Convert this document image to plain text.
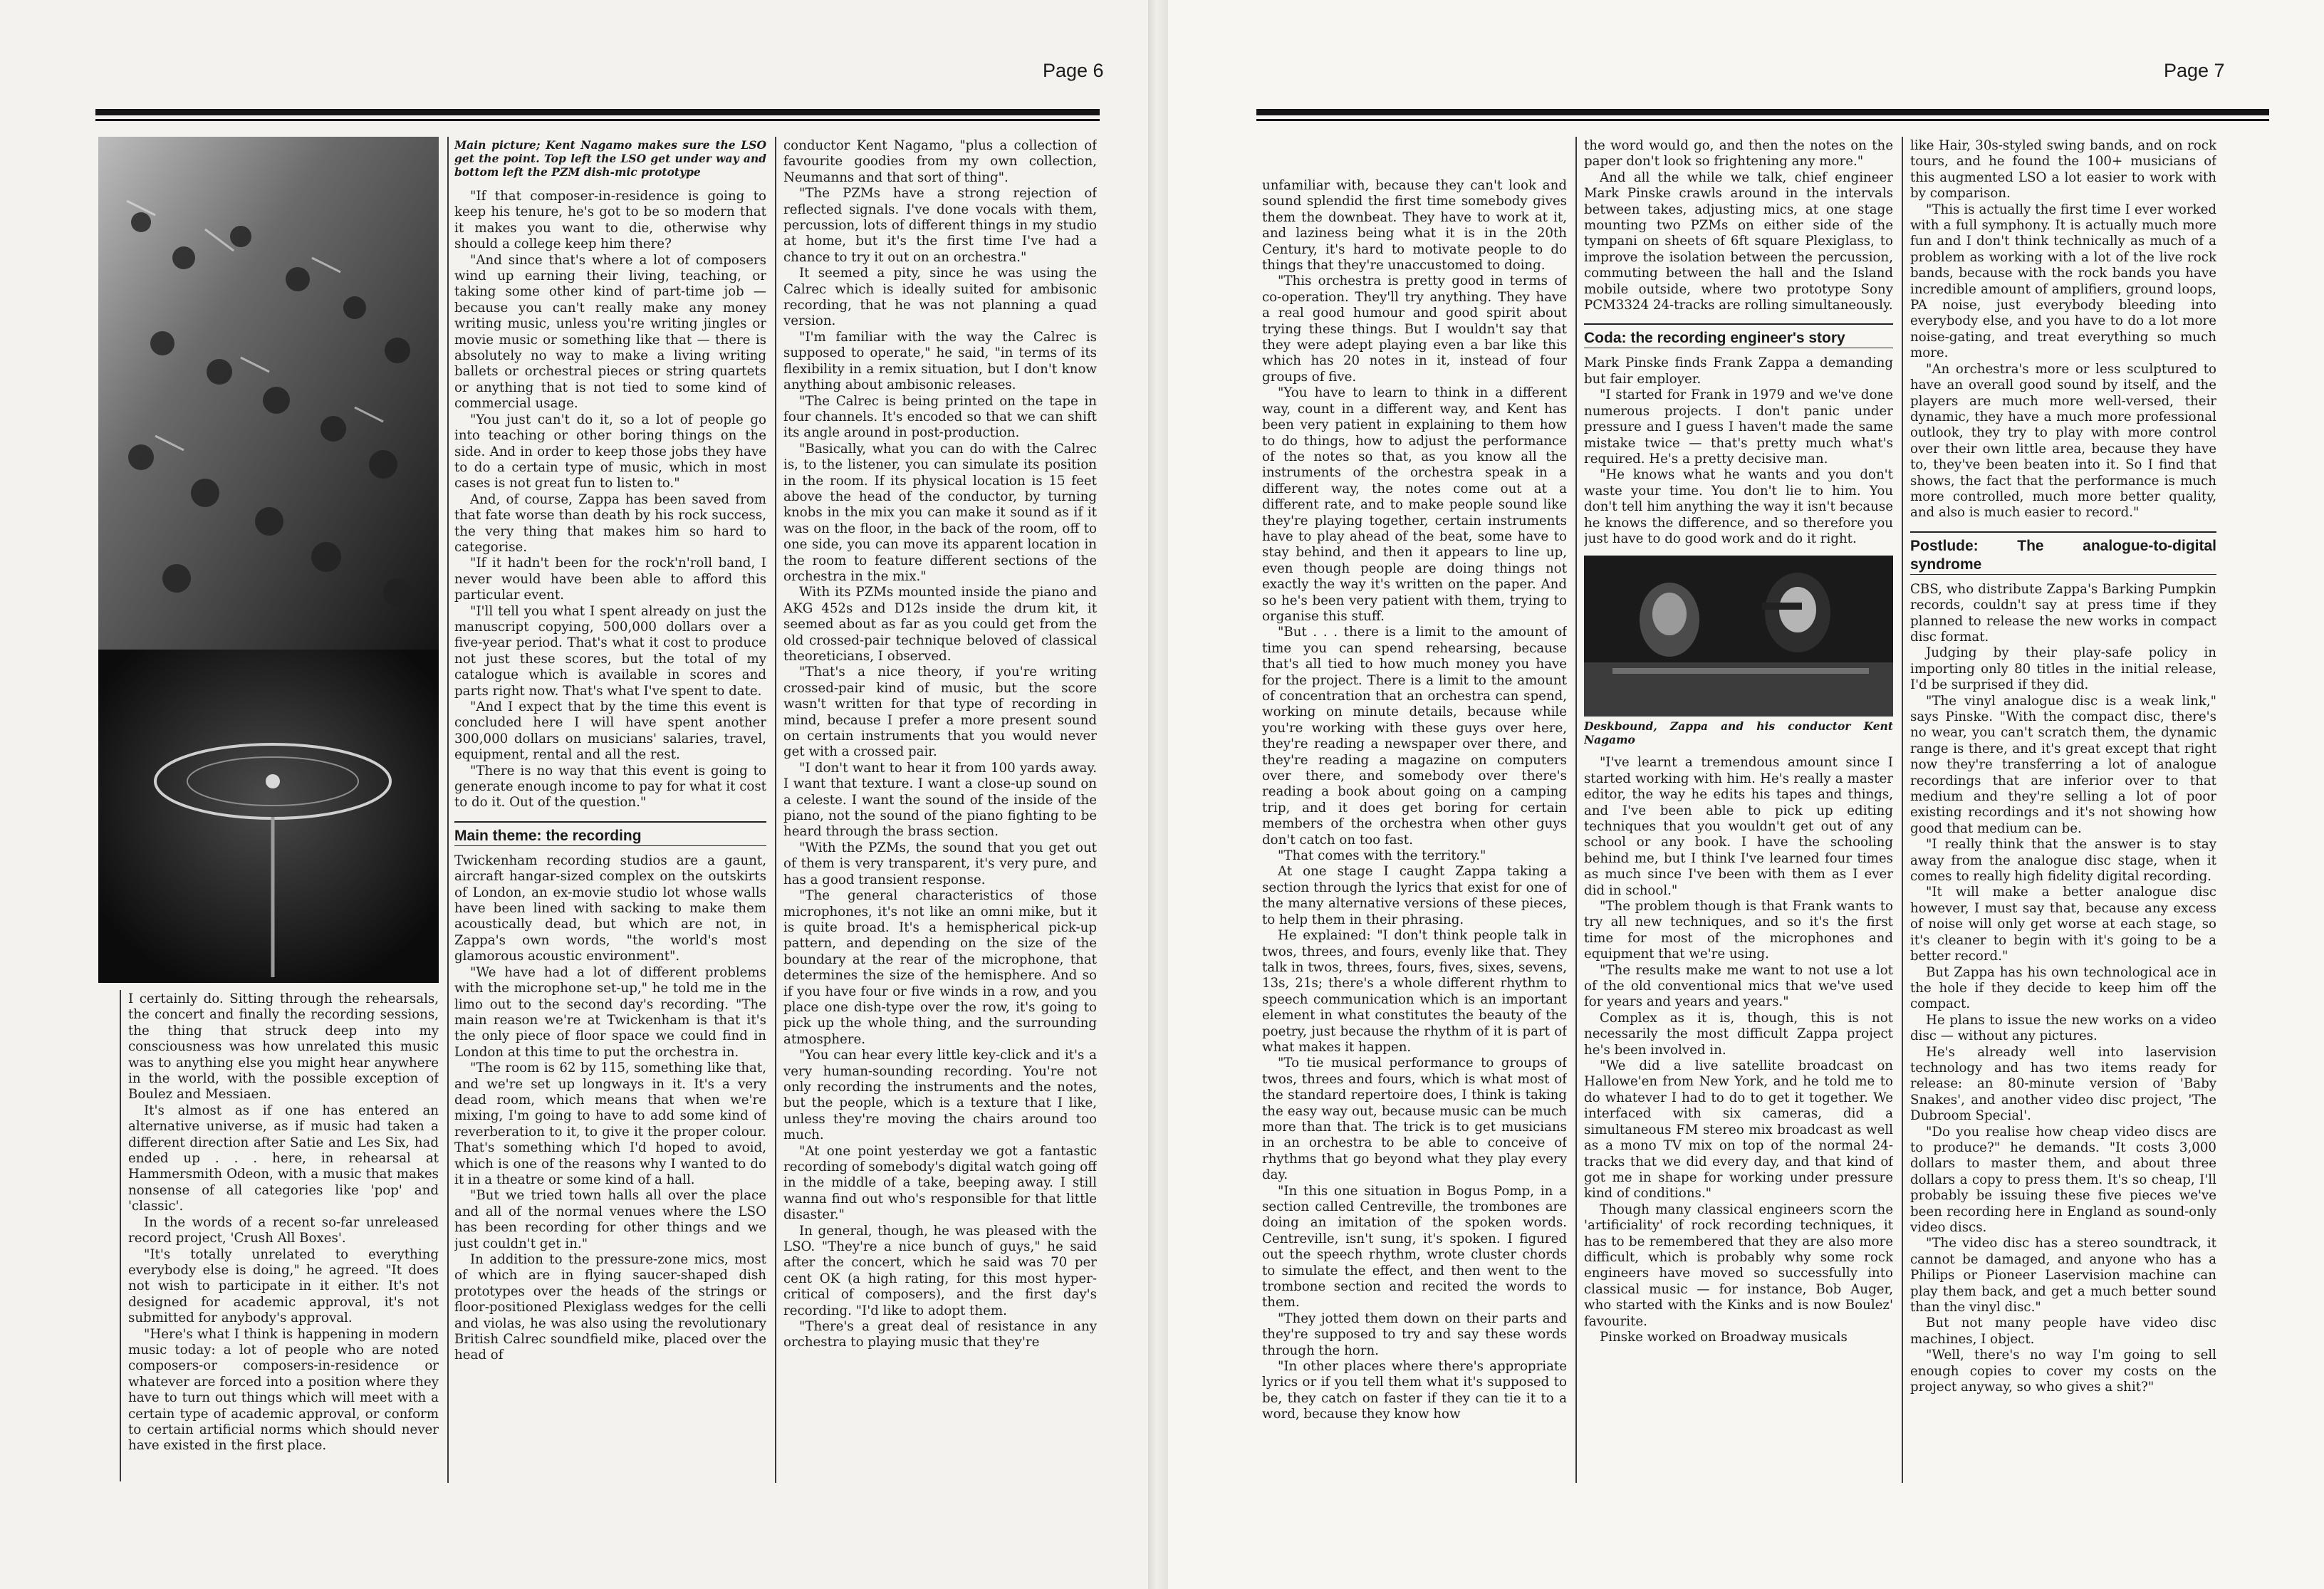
Page 6

I certainly do. Sitting through the rehearsals, the concert and finally the recording sessions, the thing that struck deep into my consciousness was how unrelated this music was to anything else you might hear anywhere in the world, with the possible exception of Boulez and Messiaen.

It's almost as if one has entered an alternative universe, as if music had taken a different direction after Satie and Les Six, had ended up . . . here, in rehearsal at Hammersmith Odeon, with a music that makes nonsense of all categories like 'pop' and 'classic'.

In the words of a recent so-far unreleased record project, 'Crush All Boxes'.

"It's totally unrelated to everything everybody else is doing," he agreed. "It does not wish to participate in it either. It's not designed for academic approval, it's not submitted for anybody's approval.

"Here's what I think is happening in modern music today: a lot of people who are noted composers-or composers-in-residence or whatever are forced into a position where they have to turn out things which will meet with a certain type of academic approval, or conform to certain artificial norms which should never have existed in the first place.

Main picture; Kent Nagamo makes sure the LSO get the point. Top left the LSO get under way and bottom left the PZM dish-mic prototype

"If that composer-in-residence is going to keep his tenure, he's got to be so modern that it makes you want to die, otherwise why should a college keep him there?

"And since that's where a lot of composers wind up earning their living, teaching, or taking some other kind of part-time job — because you can't really make any money writing music, unless you're writing jingles or movie music or something like that — there is absolutely no way to make a living writing ballets or orchestral pieces or string quartets or anything that is not tied to some kind of commercial usage.

"You just can't do it, so a lot of people go into teaching or other boring things on the side. And in order to keep those jobs they have to do a certain type of music, which in most cases is not great fun to listen to."

And, of course, Zappa has been saved from that fate worse than death by his rock success, the very thing that makes him so hard to categorise.

"If it hadn't been for the rock'n'roll band, I never would have been able to afford this particular event.

"I'll tell you what I spent already on just the manuscript copying, 500,000 dollars over a five-year period. That's what it cost to produce not just these scores, but the total of my catalogue which is available in scores and parts right now. That's what I've spent to date.

"And I expect that by the time this event is concluded here I will have spent another 300,000 dollars on musicians' salaries, travel, equipment, rental and all the rest.

"There is no way that this event is going to generate enough income to pay for what it cost to do it. Out of the question."

Main theme: the recording

Twickenham recording studios are a gaunt, aircraft hangar-sized complex on the outskirts of London, an ex-movie studio lot whose walls have been lined with sacking to make them acoustically dead, but which are not, in Zappa's own words, "the world's most glamorous acoustic environment".

"We have had a lot of different problems with the microphone set-up," he told me in the limo out to the second day's recording. "The main reason we're at Twickenham is that it's the only piece of floor space we could find in London at this time to put the orchestra in.

"The room is 62 by 115, something like that, and we're set up longways in it. It's a very dead room, which means that when we're mixing, I'm going to have to add some kind of reverberation to it, to give it the proper colour. That's something which I'd hoped to avoid, which is one of the reasons why I wanted to do it in a theatre or some kind of a hall.

"But we tried town halls all over the place and all of the normal venues where the LSO has been recording for other things and we just couldn't get in."

In addition to the pressure-zone mics, most of which are in flying saucer-shaped dish prototypes over the heads of the strings or floor-positioned Plexiglass wedges for the celli and violas, he was also using the revolutionary British Calrec soundfield mike, placed over the head of

conductor Kent Nagamo, "plus a collection of favourite goodies from my own collection, Neumanns and that sort of thing".

"The PZMs have a strong rejection of reflected signals. I've done vocals with them, percussion, lots of different things in my studio at home, but it's the first time I've had a chance to try it out on an orchestra."

It seemed a pity, since he was using the Calrec which is ideally suited for ambisonic recording, that he was not planning a quad version.

"I'm familiar with the way the Calrec is supposed to operate," he said, "in terms of its flexibility in a remix situation, but I don't know anything about ambisonic releases.

"The Calrec is being printed on the tape in four channels. It's encoded so that we can shift its angle around in post-production.

"Basically, what you can do with the Calrec is, to the listener, you can simulate its position in the room. If its physical location is 15 feet above the head of the conductor, by turning knobs in the mix you can make it sound as if it was on the floor, in the back of the room, off to one side, you can move its apparent location in the room to feature different sections of the orchestra in the mix."

With its PZMs mounted inside the piano and AKG 452s and D12s inside the drum kit, it seemed about as far as you could get from the old crossed-pair technique beloved of classical theoreticians, I observed.

"That's a nice theory, if you're writing crossed-pair kind of music, but the score wasn't written for that type of recording in mind, because I prefer a more present sound on certain instruments that you would never get with a crossed pair.

"I don't want to hear it from 100 yards away. I want that texture. I want a close-up sound on a celeste. I want the sound of the inside of the piano, not the sound of the piano fighting to be heard through the brass section.

"With the PZMs, the sound that you get out of them is very transparent, it's very pure, and has a good transient response.

"The general characteristics of those microphones, it's not like an omni mike, but it is quite broad. It's a hemispherical pick-up pattern, and depending on the size of the boundary at the rear of the microphone, that determines the size of the hemisphere. And so if you have four or five winds in a row, and you place one dish-type over the row, it's going to pick up the whole thing, and the surrounding atmosphere.

"You can hear every little key-click and it's a very human-sounding recording. You're not only recording the instruments and the notes, but the people, which is a texture that I like, unless they're moving the chairs around too much.

"At one point yesterday we got a fantastic recording of somebody's digital watch going off in the middle of a take, beeping away. I still wanna find out who's responsible for that little disaster."

In general, though, he was pleased with the LSO. "They're a nice bunch of guys," he said after the concert, which he said was 70 per cent OK (a high rating, for this most hyper-critical of composers), and the first day's recording. "I'd like to adopt them.

"There's a great deal of resistance in any orchestra to playing music that they're

Page 7

unfamiliar with, because they can't look and sound splendid the first time somebody gives them the downbeat. They have to work at it, and laziness being what it is in the 20th Century, it's hard to motivate people to do things that they're unaccustomed to doing.

"This orchestra is pretty good in terms of co-operation. They'll try anything. They have a real good humour and good spirit about trying these things. But I wouldn't say that they were adept playing even a bar like this which has 20 notes in it, instead of four groups of five.

"You have to learn to think in a different way, count in a different way, and Kent has been very patient in explaining to them how to do things, how to adjust the performance of the notes so that, as you know all the instruments of the orchestra speak in a different way, the notes come out at a different rate, and to make people sound like they're playing together, certain instruments have to play ahead of the beat, some have to stay behind, and then it appears to line up, even though people are doing things not exactly the way it's written on the paper. And so he's been very patient with them, trying to organise this stuff.

"But . . . there is a limit to the amount of time you can spend rehearsing, because that's all tied to how much money you have for the project. There is a limit to the amount of concentration that an orchestra can spend, working on minute details, because while you're working with these guys over here, they're reading a newspaper over there, and they're reading a magazine on computers over there, and somebody over there's reading a book about going on a camping trip, and it does get boring for certain members of the orchestra when other guys don't catch on too fast.

"That comes with the territory."

At one stage I caught Zappa taking a section through the lyrics that exist for one of the many alternative versions of these pieces, to help them in their phrasing.

He explained: "I don't think people talk in twos, threes, and fours, evenly like that. They talk in twos, threes, fours, fives, sixes, sevens, 13s, 21s; there's a whole different rhythm to speech communication which is an important element in what constitutes the beauty of the poetry, just because the rhythm of it is part of what makes it happen.

"To tie musical performance to groups of twos, threes and fours, which is what most of the standard repertoire does, I think is taking the easy way out, because music can be much more than that. The trick is to get musicians in an orchestra to be able to conceive of rhythms that go beyond what they play every day.

"In this one situation in Bogus Pomp, in a section called Centreville, the trombones are doing an imitation of the spoken words. Centreville, isn't sung, it's spoken. I figured out the speech rhythm, wrote cluster chords to simulate the effect, and then went to the trombone section and recited the words to them.

"They jotted them down on their parts and they're supposed to try and say these words through the horn.

"In other places where there's appropriate lyrics or if you tell them what it's supposed to be, they catch on faster if they can tie it to a word, because they know how

the word would go, and then the notes on the paper don't look so frightening any more."

And all the while we talk, chief engineer Mark Pinske crawls around in the intervals between takes, adjusting mics, at one stage mounting two PZMs on either side of the tympani on sheets of 6ft square Plexiglass, to improve the isolation between the percussion, commuting between the hall and the Island mobile outside, where two prototype Sony PCM3324 24-tracks are rolling simultaneously.

Coda: the recording engineer's story

Mark Pinske finds Frank Zappa a demanding but fair employer.

"I started for Frank in 1979 and we've done numerous projects. I don't panic under pressure and I guess I haven't made the same mistake twice — that's pretty much what's required. He's a pretty decisive man.

"He knows what he wants and you don't waste your time. You don't lie to him. You don't tell him anything the way it isn't because he knows the difference, and so therefore you just have to do good work and do it right.

Deskbound, Zappa and his conductor Kent Nagamo

"I've learnt a tremendous amount since I started working with him. He's really a master editor, the way he edits his tapes and things, and I've been able to pick up editing techniques that you wouldn't get out of any school or any book. I have the schooling behind me, but I think I've learned four times as much since I've been with them as I ever did in school."

"The problem though is that Frank wants to try all new techniques, and so it's the first time for most of the microphones and equipment that we're using.

"The results make me want to not use a lot of the old conventional mics that we've used for years and years and years."

Complex as it is, though, this is not necessarily the most difficult Zappa project he's been involved in.

"We did a live satellite broadcast on Hallowe'en from New York, and he told me to do whatever I had to do to get it together. We interfaced with six cameras, did a simultaneous FM stereo mix broadcast as well as a mono TV mix on top of the normal 24-tracks that we did every day, and that kind of got me in shape for working under pressure kind of conditions."

Though many classical engineers scorn the 'artificiality' of rock recording techniques, it has to be remembered that they are also more difficult, which is probably why some rock engineers have moved so successfully into classical music — for instance, Bob Auger, who started with the Kinks and is now Boulez' favourite.

Pinske worked on Broadway musicals

like Hair, 30s-styled swing bands, and on rock tours, and he found the 100+ musicians of this augmented LSO a lot easier to work with by comparison.

"This is actually the first time I ever worked with a full symphony. It is actually much more fun and I don't think technically as much of a problem as working with a lot of the live rock bands, because with the rock bands you have incredible amount of amplifiers, ground loops, PA noise, just everybody bleeding into everybody else, and you have to do a lot more noise-gating, and treat everything so much more.

"An orchestra's more or less sculptured to have an overall good sound by itself, and the players are much more well-versed, their dynamic, they have a much more professional outlook, they try to play with more control over their own little area, because they have to, they've been beaten into it. So I find that shows, the fact that the performance is much more controlled, much more better quality, and also is much easier to record."

Postlude: The analogue-to-digital syndrome

CBS, who distribute Zappa's Barking Pumpkin records, couldn't say at press time if they planned to release the new works in compact disc format.

Judging by their play-safe policy in importing only 80 titles in the initial release, I'd be surprised if they did.

"The vinyl analogue disc is a weak link," says Pinske. "With the compact disc, there's no wear, you can't scratch them, the dynamic range is there, and it's great except that right now they're transferring a lot of analogue recordings that are inferior over to that medium and they're selling a lot of poor existing recordings and it's not showing how good that medium can be.

"I really think that the answer is to stay away from the analogue disc stage, when it comes to really high fidelity digital recording.

"It will make a better analogue disc however, I must say that, because any excess of noise will only get worse at each stage, so it's cleaner to begin with it's going to be a better record."

But Zappa has his own technological ace in the hole if they decide to keep him off the compact.

He plans to issue the new works on a video disc — without any pictures.

He's already well into laservision technology and has two items ready for release: an 80-minute version of 'Baby Snakes', and another video disc project, 'The Dubroom Special'.

"Do you realise how cheap video discs are to produce?" he demands. "It costs 3,000 dollars to master them, and about three dollars a copy to press them. It's so cheap, I'll probably be issuing these five pieces we've been recording here in England as sound-only video discs.

"The video disc has a stereo soundtrack, it cannot be damaged, and anyone who has a Philips or Pioneer Laservision machine can play them back, and get a much better sound than the vinyl disc."

But not many people have video disc machines, I object.

"Well, there's no way I'm going to sell enough copies to cover my costs on the project anyway, so who gives a shit?"
